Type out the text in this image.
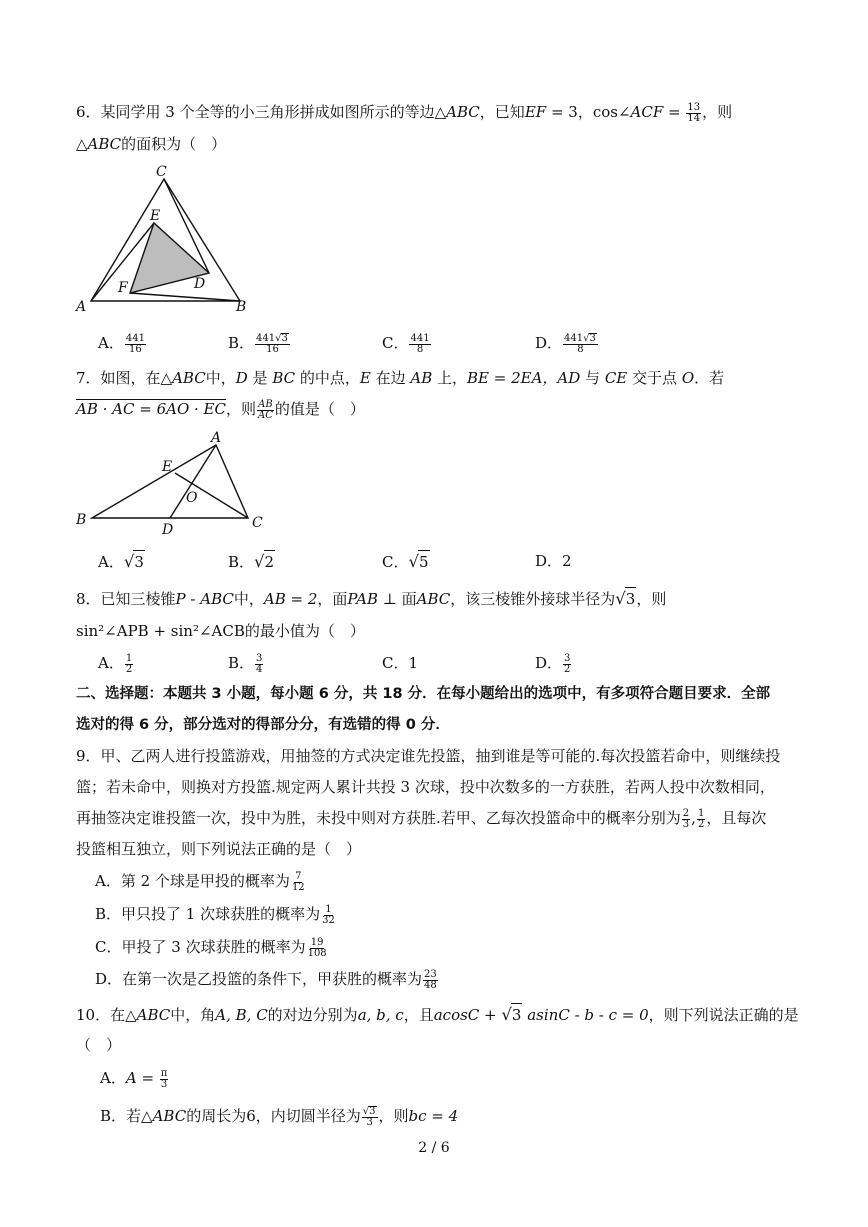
6．某同学用 3 个全等的小三角形拼成如图所示的等边△ABC，已知EF = 3，cos∠ACF = $\frac{13}{14}$ ，则
△ABC的面积为（　）
C
E
F	D
A	B
A． $\frac{441}{16}$	B． $\frac{441√3}{16}$	C． $\frac{441}{8}$	D． $\frac{441√3}{8}$
7．如图，在△ABC中，D 是 BC 的中点，E 在边 AB 上，BE = 2EA，AD 与 CE 交于点 O．若
AB · AC = 6AO · EC，则 $\frac{AB}{AC}$ 的值是（　）
A
E
O
B
D	C
A．√3	B．√2	C．√5	D．2
8．已知三棱锥P - ABC中，AB = 2，面PAB ⊥ 面ABC，该三棱锥外接球半径为√3，则
sin²∠APB + sin²∠ACB的最小值为（　）
A． $\frac{1}{2}$	B． $\frac{3}{4}$	C．1	D． $\frac{3}{2}$
二、选择题：本题共 3 小题，每小题 6 分，共 18 分．在每小题给出的选项中，有多项符合题目要求．全部
选对的得 6 分，部分选对的得部分分，有选错的得 0 分．
9．甲、乙两人进行投篮游戏，用抽签的方式决定谁先投篮，抽到谁是等可能的.每次投篮若命中，则继续投
篮；若未命中，则换对方投篮.规定两人累计共投 3 次球，投中次数多的一方获胜，若两人投中次数相同，
再抽签决定谁投篮一次，投中为胜，未投中则对方获胜.若甲、乙每次投篮命中的概率分别为 $\frac{2}{3}$ , $\frac{1}{2}$ ，且每次
投篮相互独立，则下列说法正确的是（　）
A．第 2 个球是甲投的概率为 $\frac{7}{12}$
B．甲只投了 1 次球获胜的概率为 $\frac{1}{32}$
C．甲投了 3 次球获胜的概率为 $\frac{19}{108}$
D．在第一次是乙投篮的条件下，甲获胜的概率为 $\frac{23}{48}$
10．在△ABC中，角A, B, C的对边分别为a, b, c，且acosC + √3 asinC - b - c = 0，则下列说法正确的是
（　）
A．$A = \frac{\pi}{3}$
B．若△ABC的周长为6，内切圆半径为 $\frac{√3}{3}$ ，则bc = 4
2 / 6
